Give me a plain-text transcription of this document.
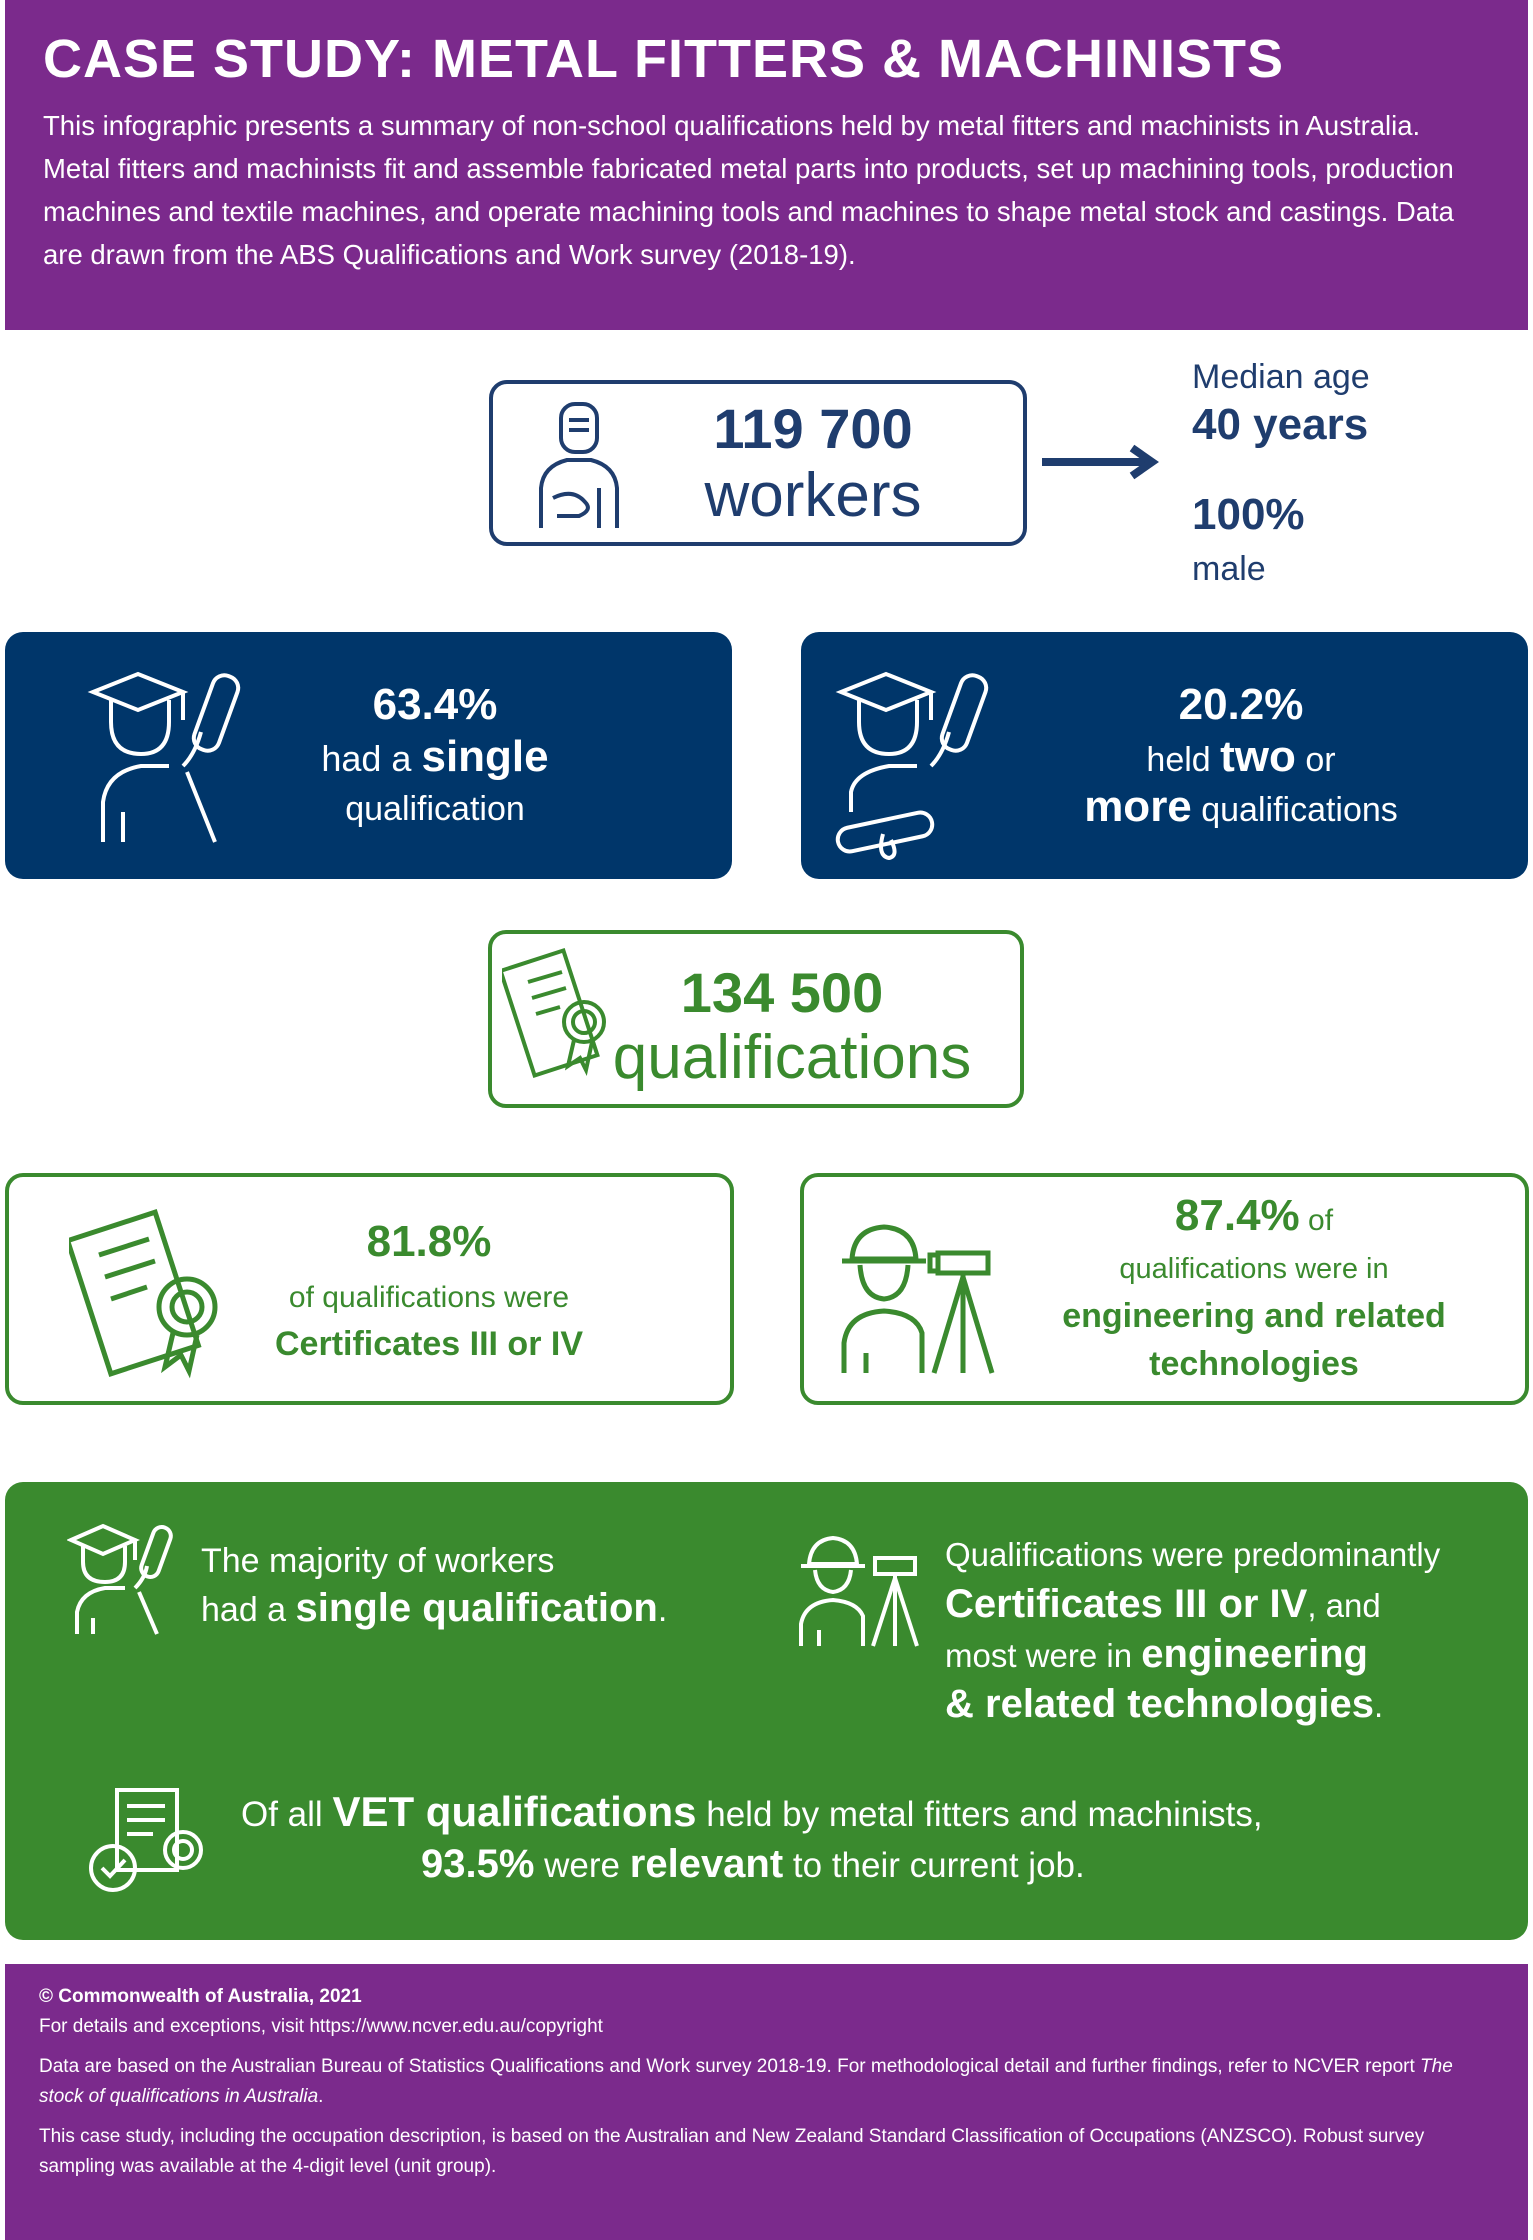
CASE STUDY: METAL FITTERS & MACHINISTS

This infographic presents a summary of non-school qualifications held by metal fitters and machinists in Australia. Metal fitters and machinists fit and assemble fabricated metal parts into products, set up machining tools, production machines and textile machines, and operate machining tools and machines to shape metal stock and castings. Data are drawn from the ABS Qualifications and Work survey (2018-19).

119 700
workers
Median age
40 years
100%
male
63.4%
had a single
qualification
20.2%
held two or
more qualifications
134 500
qualifications
81.8%
of qualifications were
Certificates III or IV
87.4% of
qualifications were in
engineering and related
technologies
The majority of workers
had a single qualification.
Qualifications were predominantly
Certificates III or IV, and
most were in engineering
& related technologies.
Of all VET qualifications held by metal fitters and machinists,
93.5% were relevant to their current job.

© Commonwealth of Australia, 2021

For details and exceptions, visit https://www.ncver.edu.au/copyright

Data are based on the Australian Bureau of Statistics Qualifications and Work survey 2018-19. For methodological detail and further findings, refer to NCVER report The stock of qualifications in Australia.

This case study, including the occupation description, is based on the Australian and New Zealand Standard Classification of Occupations (ANZSCO). Robust survey sampling was available at the 4-digit level (unit group).
